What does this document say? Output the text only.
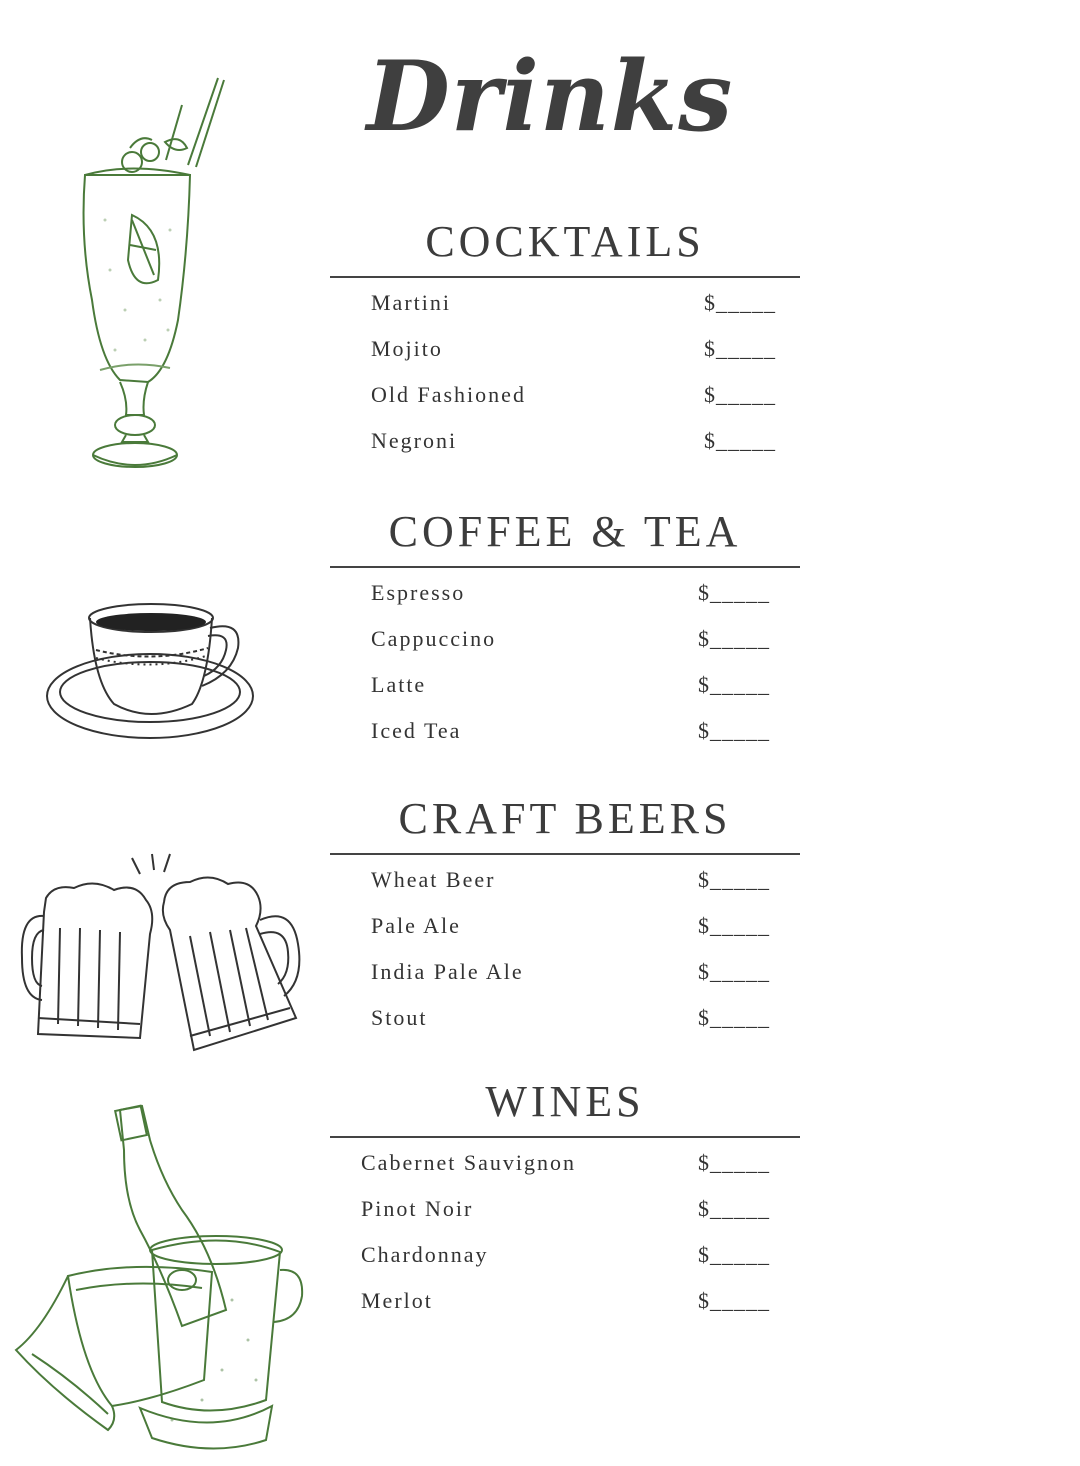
Drinks
COCKTAILS
Martini	$_____
Mojito	$_____
Old Fashioned	$_____
Negroni	$_____
COFFEE & TEA
Espresso	$_____
Cappuccino	$_____
Latte	$_____
Iced Tea	$_____
CRAFT BEERS
Wheat Beer	$_____
Pale Ale	$_____
India Pale Ale	$_____
Stout	$_____
WINES
Cabernet Sauvignon	$_____
Pinot Noir	$_____
Chardonnay	$_____
Merlot	$_____
